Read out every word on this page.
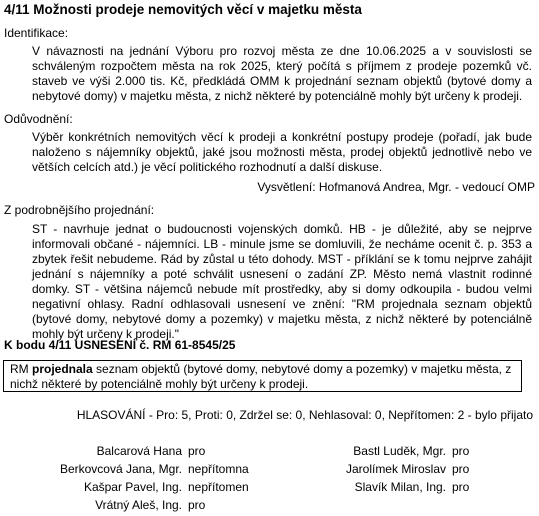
4/11 Možnosti prodeje nemovitých věcí v majetku města
Identifikace:
V návaznosti na jednání Výboru pro rozvoj města ze dne 10.06.2025 a v souvislosti se schváleným rozpočtem města na rok 2025, který počítá s příjmem z prodeje pozemků vč. staveb ve výši 2.000 tis. Kč, předkládá OMM k projednání seznam objektů (bytové domy a nebytové domy) v majetku města, z nichž některé by potenciálně mohly být určeny k prodeji.
Odůvodnění:
Výběr konkrétních nemovitých věcí k prodeji a konkrétní postupy prodeje (pořadí, jak bude naloženo s nájemníky objektů, jaké jsou možnosti města, prodej objektů jednotlivě nebo ve větších celcích atd.) je věcí politického rozhodnutí a další diskuse.
Vysvětlení: Hofmanová Andrea, Mgr. - vedoucí OMP
Z podrobnějšího projednání:
ST - navrhuje jednat o budoucnosti vojenských domků. HB - je důležité, aby se nejprve informovali občané - nájemníci. LB - minule jsme se domluvili, že necháme ocenit č. p. 353 a zbytek řešit nebudeme. Rád by zůstal u této dohody. MST - příklání se k tomu nejprve zahájit jednání s nájemníky a poté schválit usnesení o zadání ZP. Město nemá vlastnit rodinné domky. ST - většina nájemců nebude mít prostředky, aby si domy odkoupila - budou velmi negativní ohlasy. Radní odhlasovali usnesení ve znění: "RM projednala seznam objektů (bytové domy, nebytové domy a pozemky) v majetku města, z nichž některé by potenciálně mohly být určeny k prodeji."
K bodu 4/11 USNESENÍ č. RM 61-8545/25
RM projednala seznam objektů (bytové domy, nebytové domy a pozemky) v majetku města, z nichž některé by potenciálně mohly být určeny k prodeji.
HLASOVÁNÍ - Pro: 5, Proti: 0, Zdržel se: 0, Nehlasoval: 0, Nepřítomen: 2 - bylo přijato
Balcarová Hana pro	Bastl Luděk, Mgr. pro
Berkovcová Jana, Mgr. nepřítomna	Jarolímek Miroslav pro
Kašpar Pavel, Ing. nepřítomen	Slavík Milan, Ing. pro
Vrátný Aleš, Ing. pro
